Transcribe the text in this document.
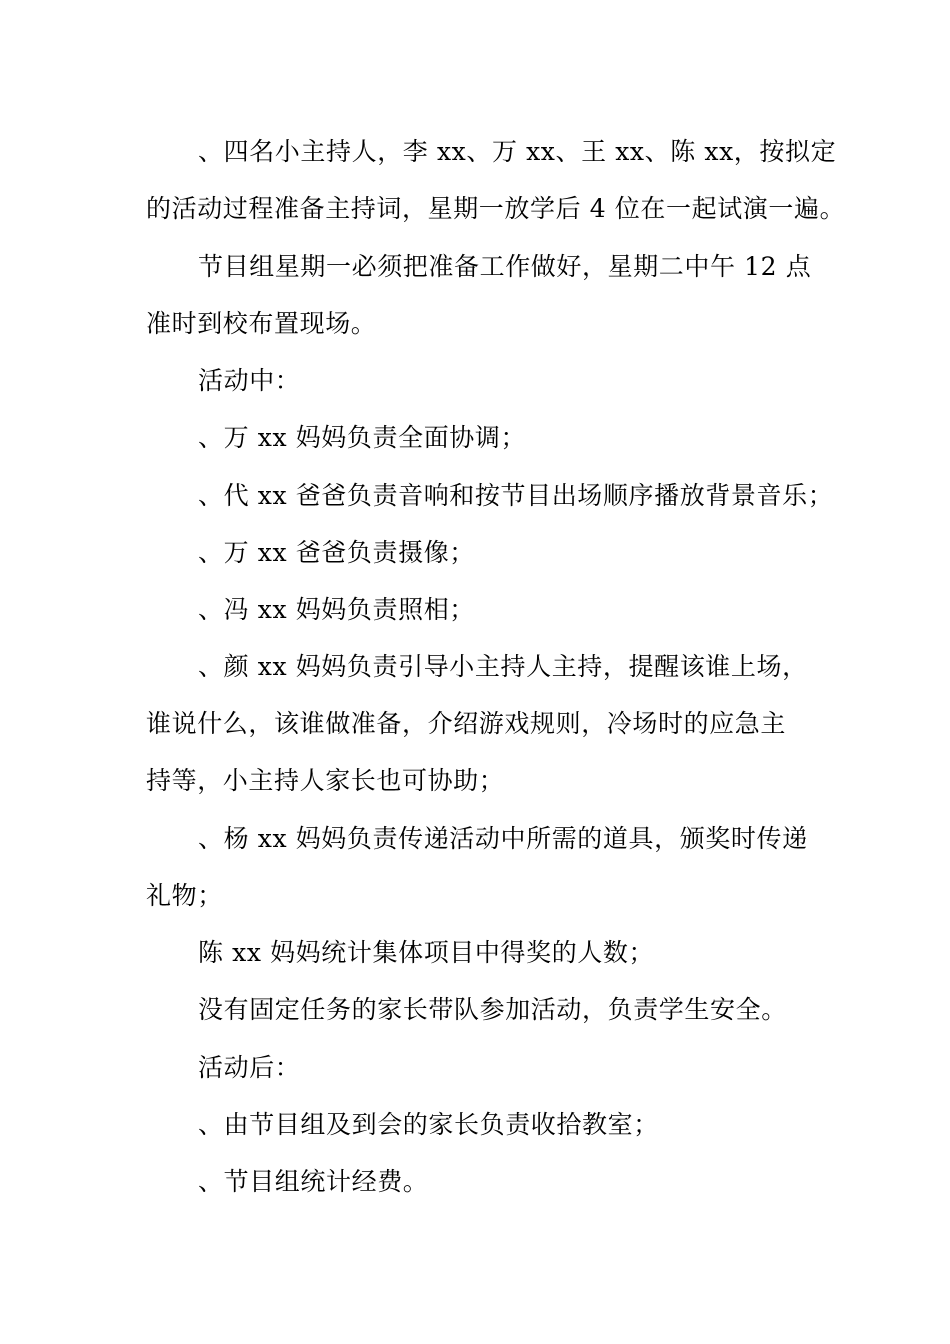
、四名小主持人，李 xx、万 xx、王 xx、陈 xx，按拟定
的活动过程准备主持词，星期一放学后 4 位在一起试演一遍。
节目组星期一必须把准备工作做好，星期二中午 12 点
准时到校布置现场。
活动中：
、万 xx 妈妈负责全面协调；
、代 xx 爸爸负责音响和按节目出场顺序播放背景音乐；
、万 xx 爸爸负责摄像；
、冯 xx 妈妈负责照相；
、颜 xx 妈妈负责引导小主持人主持，提醒该谁上场，
谁说什么，该谁做准备，介绍游戏规则，冷场时的应急主
持等，小主持人家长也可协助；
、杨 xx 妈妈负责传递活动中所需的道具，颁奖时传递
礼物；
陈 xx 妈妈统计集体项目中得奖的人数；
没有固定任务的家长带队参加活动，负责学生安全。
活动后：
、由节目组及到会的家长负责收拾教室；
、节目组统计经费。
